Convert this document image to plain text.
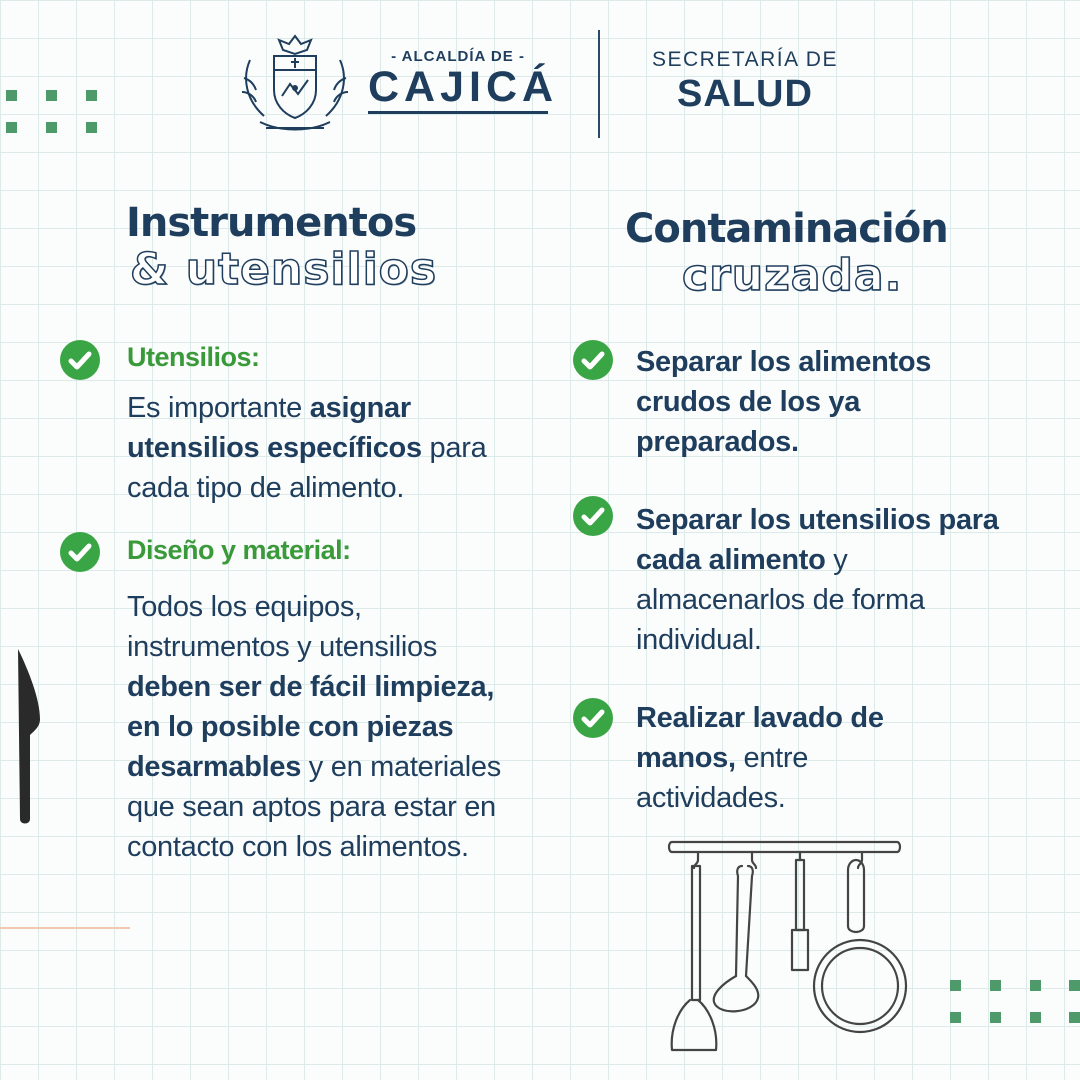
- ALCALDÍA DE -
CAJICÁ
SECRETARÍA DE
SALUD
Instrumentos
& utensilios
Utensilios:
Es importante asignar utensilios específicos para cada tipo de alimento.
Diseño y material:
Todos los equipos, instrumentos y utensilios deben ser de fácil limpieza, en lo posible con piezas desarmables y en materiales que sean aptos para estar en contacto con los alimentos.
Contaminación
cruzada.
Separar los alimentos crudos de los ya preparados.
Separar los utensilios para cada alimento y almacenarlos de forma individual.
Realizar lavado de manos, entre actividades.
